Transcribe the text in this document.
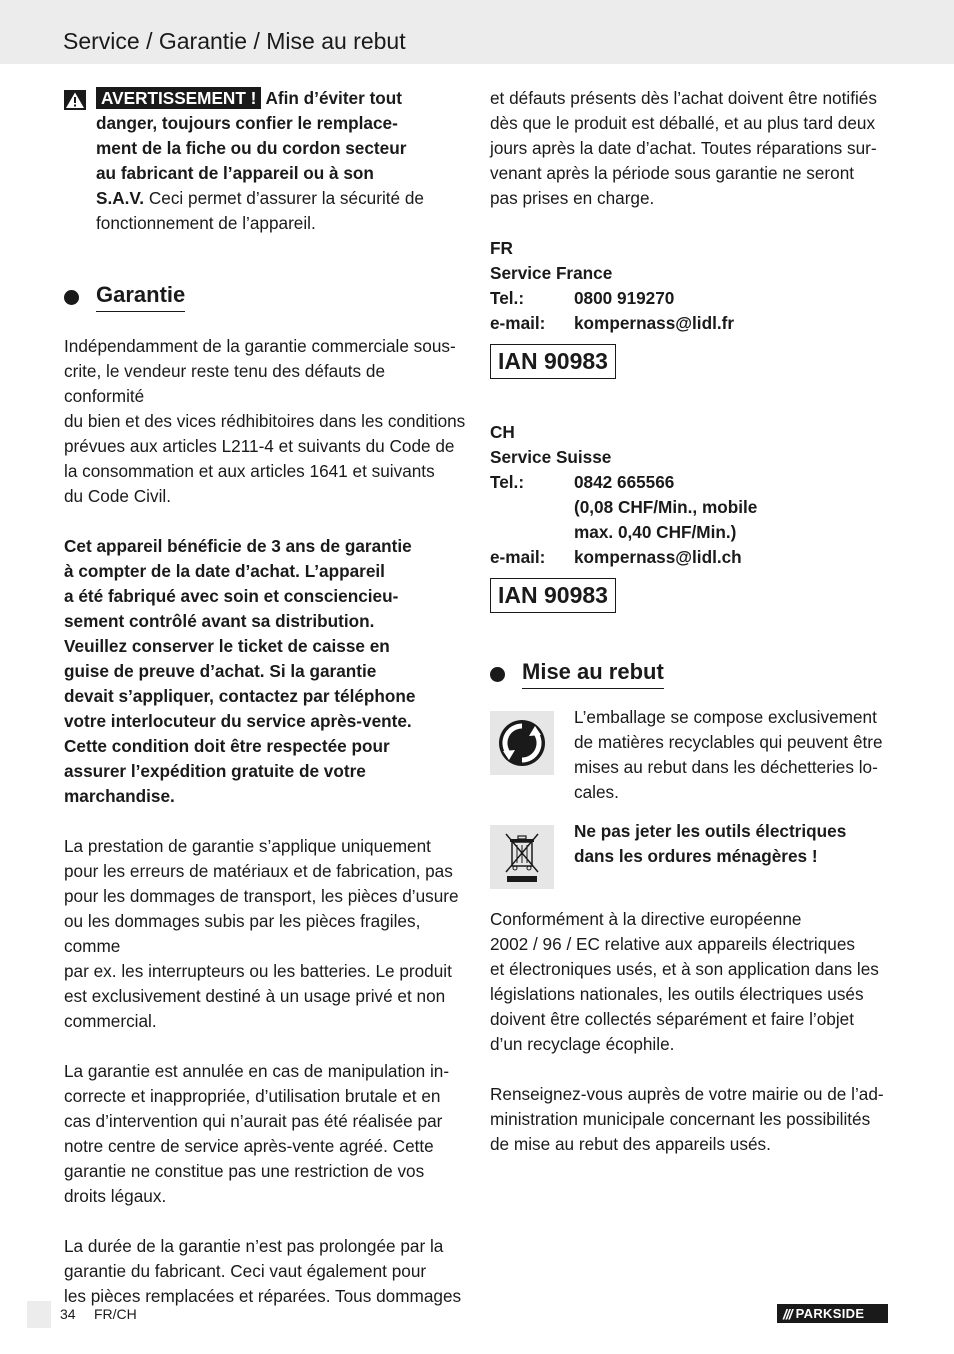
Service / Garantie / Mise au rebut
AVERTISSEMENT ! Afin d’éviter tout
danger, toujours confier le remplace-
ment de la fiche ou du cordon secteur
au fabricant de l’appareil ou à son
S.A.V. Ceci permet d’assurer la sécurité de
fonctionnement de l’appareil.
Garantie
Indépendamment de la garantie commerciale sous-
crite, le vendeur reste tenu des défauts de conformité
du bien et des vices rédhibitoires dans les conditions
prévues aux articles L211-4 et suivants du Code de
la consommation et aux articles 1641 et suivants
du Code Civil.
Cet appareil bénéficie de 3 ans de garantie
à compter de la date d’achat. L’appareil
a été fabriqué avec soin et consciencieu-
sement contrôlé avant sa distribution.
Veuillez conserver le ticket de caisse en
guise de preuve d’achat. Si la garantie
devait s’appliquer, contactez par téléphone
votre interlocuteur du service après-vente.
Cette condition doit être respectée pour
assurer l’expédition gratuite de votre
marchandise.
La prestation de garantie s’applique uniquement
pour les erreurs de matériaux et de fabrication, pas
pour les dommages de transport, les pièces d’usure
ou les dommages subis par les pièces fragiles, comme
par ex. les interrupteurs ou les batteries. Le produit
est exclusivement destiné à un usage privé et non
commercial.
La garantie est annulée en cas de manipulation in-
correcte et inappropriée, d’utilisation brutale et en
cas d’intervention qui n’aurait pas été réalisée par
notre centre de service après-vente agréé. Cette
garantie ne constitue pas une restriction de vos
droits légaux.
La durée de la garantie n’est pas prolongée par la
garantie du fabricant. Ceci vaut également pour
les pièces remplacées et réparées. Tous dommages
et défauts présents dès l’achat doivent être notifiés
dès que le produit est déballé, et au plus tard deux
jours après la date d’achat. Toutes réparations sur-
venant après la période sous garantie ne seront
pas prises en charge.
FR
Service France
Tel.:	0800 919270
e-mail:	kompernass@lidl.fr
IAN 90983
CH
Service Suisse
Tel.:	0842 665566
(0,08 CHF/Min., mobile
max. 0,40 CHF/Min.)
e-mail:	kompernass@lidl.ch
IAN 90983
Mise au rebut
L’emballage se compose exclusivement
de matières recyclables qui peuvent être
mises au rebut dans les déchetteries lo-
cales.
Ne pas jeter les outils électriques
dans les ordures ménagères !
Conformément à la directive européenne
2002 / 96 / EC relative aux appareils électriques
et électroniques usés, et à son application dans les
législations nationales, les outils électriques usés
doivent être collectés séparément et faire l’objet
d’un recyclage écophile.
Renseignez-vous auprès de votre mairie ou de l’ad-
ministration municipale concernant les possibilités
de mise au rebut des appareils usés.
34 FR/CH	/// PARKSIDE
